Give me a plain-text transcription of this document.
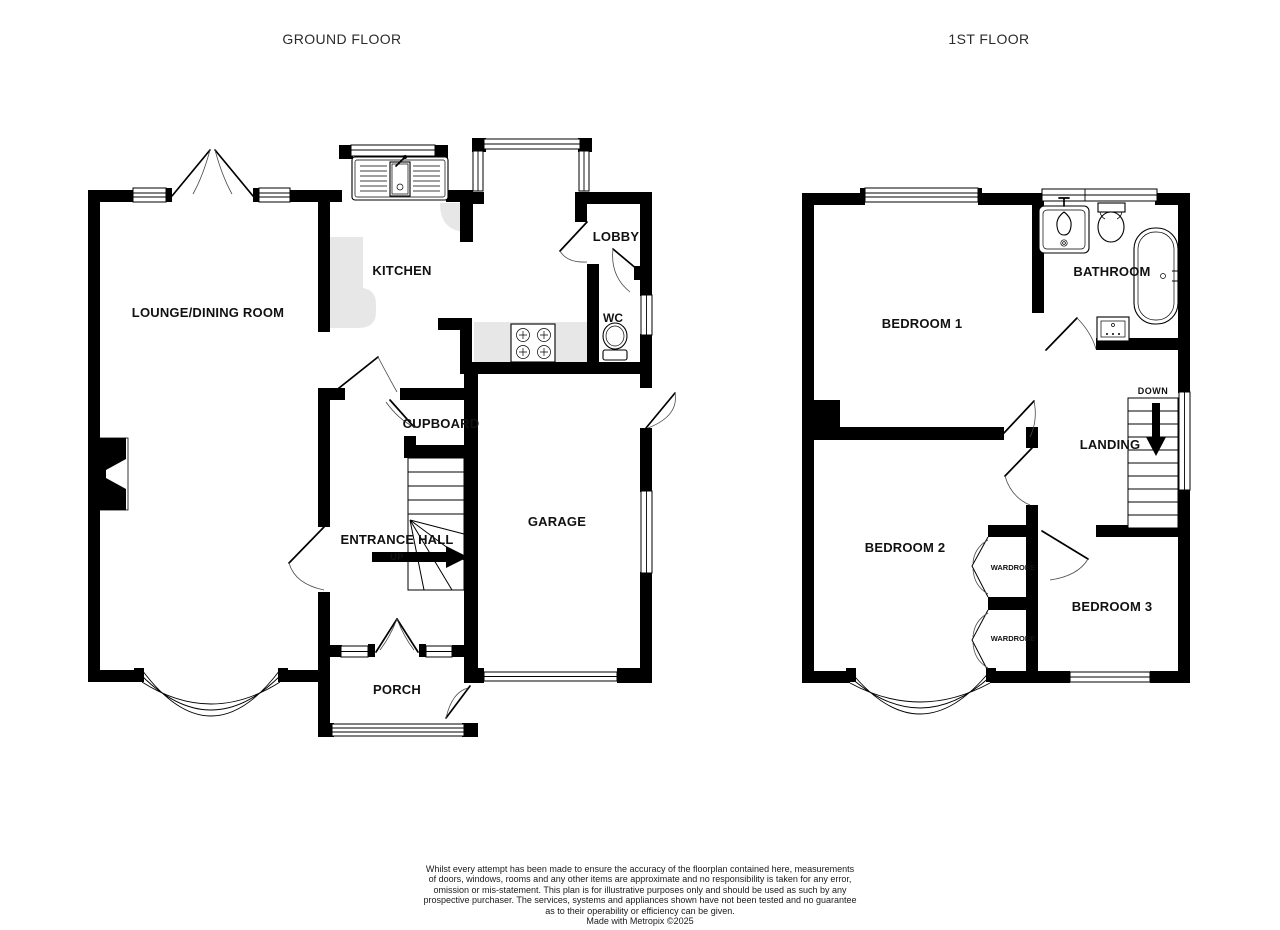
GROUND FLOOR	1ST FLOOR
LOUNGE/DINING ROOM
KITCHEN
LOBBY
WC
CUPBOARD
ENTRANCE HALL
UP
GARAGE
PORCH
BEDROOM 1
BATHROOM
LANDING
DOWN
BEDROOM 2
BEDROOM 3
WARDROBE
WARDROBE
Whilst every attempt has been made to ensure the accuracy of the floorplan contained here, measurements
of doors, windows, rooms and any other items are approximate and no responsibility is taken for any error,
omission or mis-statement. This plan is for illustrative purposes only and should be used as such by any
prospective purchaser. The services, systems and appliances shown have not been tested and no guarantee
as to their operability or efficiency can be given.
Made with Metropix ©2025
